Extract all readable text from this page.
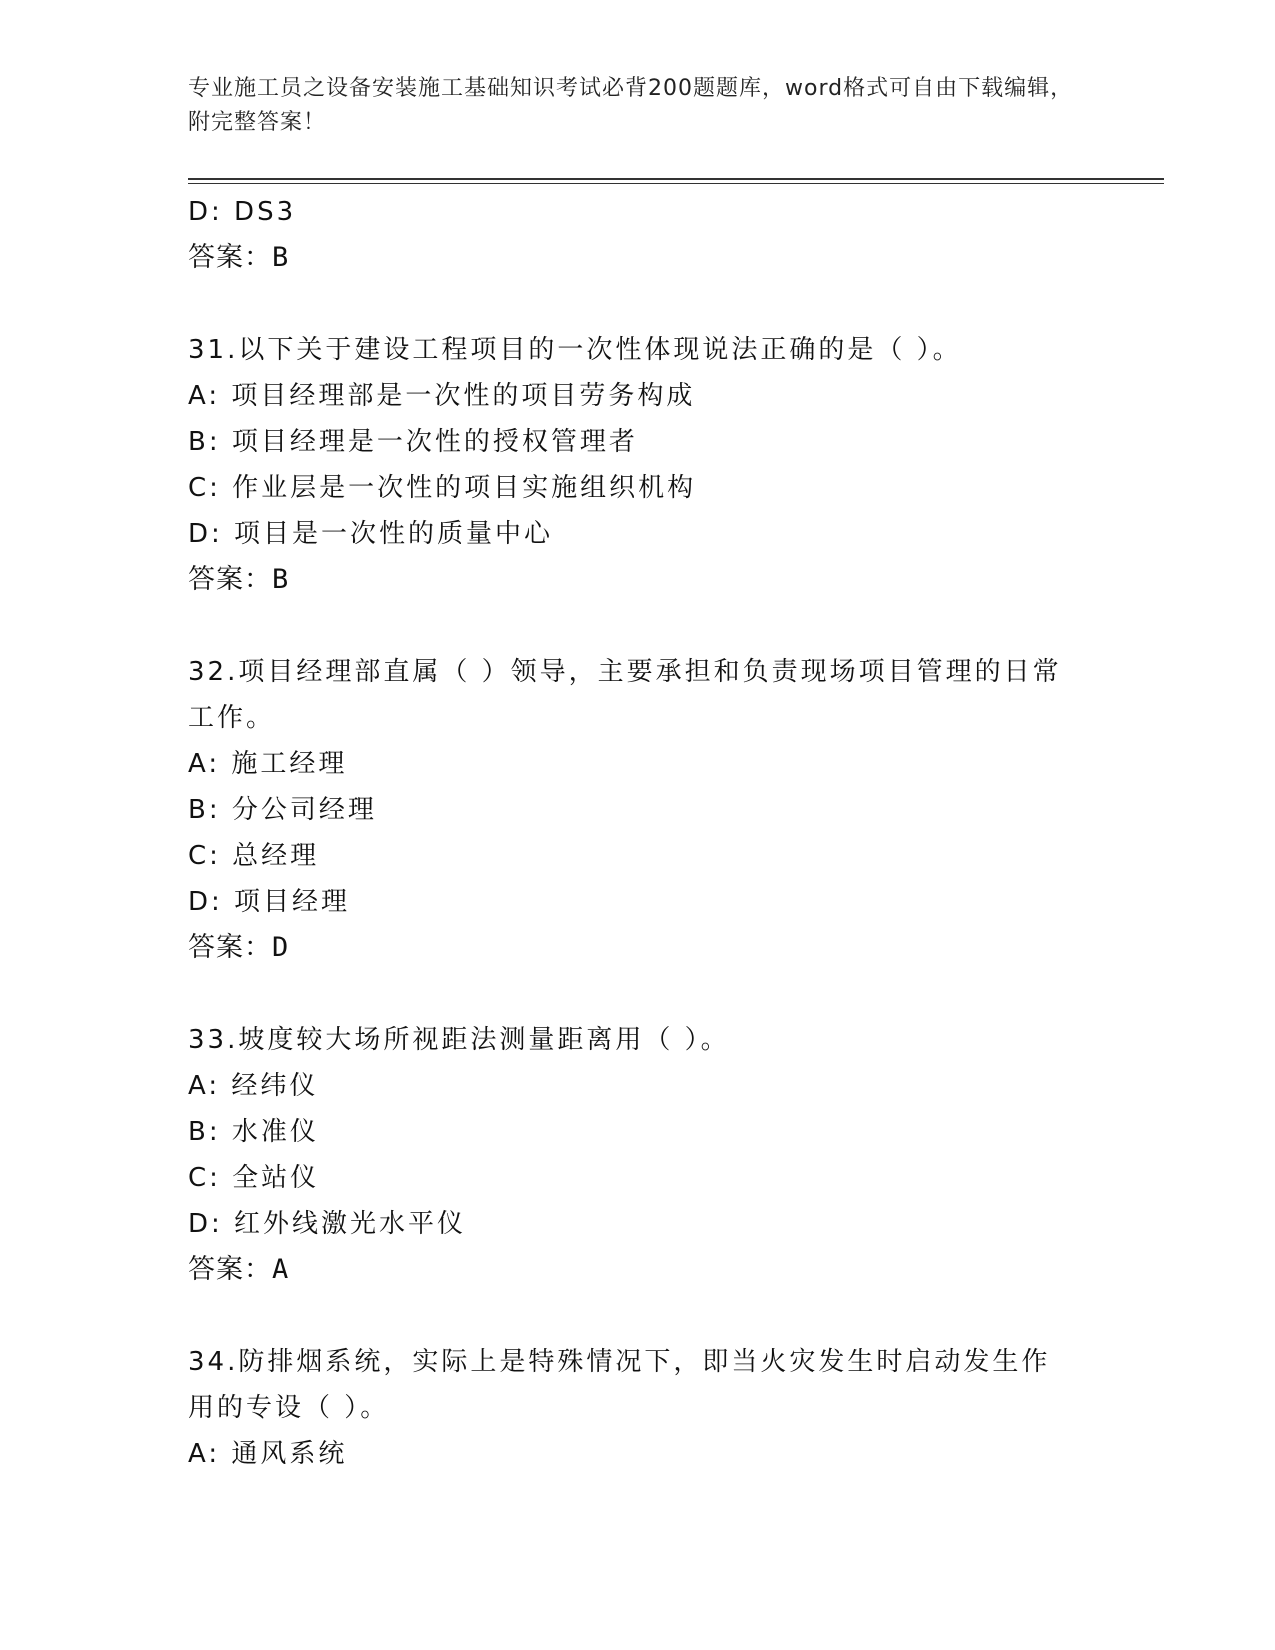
专业施工员之设备安装施工基础知识考试必背200题题库，word格式可自由下载编辑，附完整答案！
D: DS3
答案：B
31.以下关于建设工程项目的一次性体现说法正确的是（ ）。
A: 项目经理部是一次性的项目劳务构成
B: 项目经理是一次性的授权管理者
C: 作业层是一次性的项目实施组织机构
D: 项目是一次性的质量中心
答案：B
32.项目经理部直属（ ）领导，主要承担和负责现场项目管理的日常工作。
A: 施工经理
B: 分公司经理
C: 总经理
D: 项目经理
答案：D
33.坡度较大场所视距法测量距离用（ ）。
A: 经纬仪
B: 水准仪
C: 全站仪
D: 红外线激光水平仪
答案：A
34.防排烟系统，实际上是特殊情况下，即当火灾发生时启动发生作用的专设（ ）。
A: 通风系统
